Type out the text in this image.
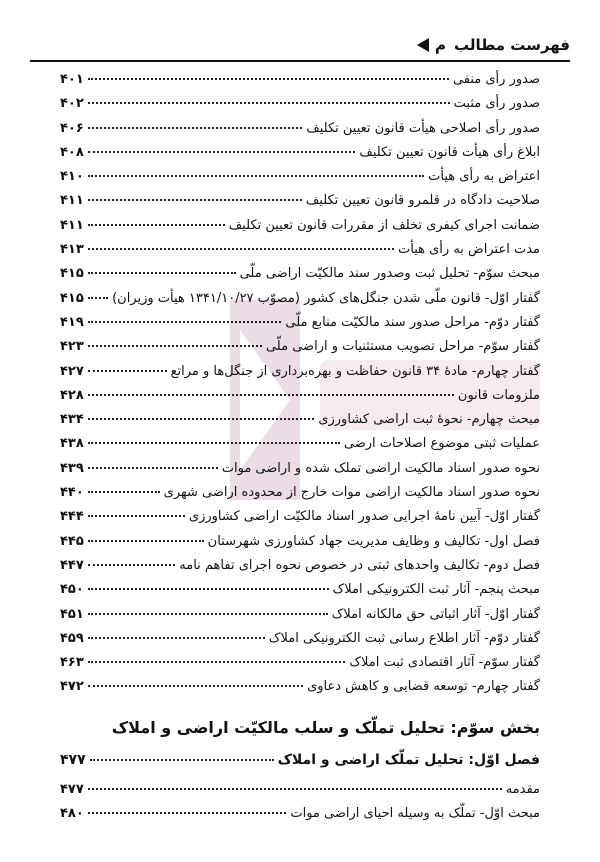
فهرست مطالب
م
صدور رأی منفی
۴۰۱
صدور رأی مثبت
۴۰۲
صدور رأی اصلاحی هیأت قانون تعیین تکلیف
۴۰۶
ابلاغ رأی هیأت قانون تعیین تکلیف
۴۰۸
اعتراض به رأی هیأت
۴۱۰
صلاحیت دادگاه در قلمرو قانون تعیین تکلیف
۴۱۱
ضمانت اجرای کیفری تخلف از مقررات قانون تعیین تکلیف
۴۱۱
مدت اعتراض به رأی هیأت
۴۱۳
مبحث سوّم- تحلیل ثبت وصدور سند مالکیّت اراضی ملّی
۴۱۵
گفتار اوّل- قانون ملّی شدن جنگل‌های کشور (مصوّب ۱۳۴۱/۱۰/۲۷ هیأت وزیران)
۴۱۵
گفتار دوّم- مراحل صدور سند مالکیّت منابع ملّی
۴۱۹
گفتار سوّم- مراحل تصویب مستثنیات و اراضی ملّی
۴۲۳
گفتار چهارم- مادۀ ۳۴ قانون حفاظت و بهره‌برداری از جنگل‌ها و مراتع
۴۲۷
ملزومات قانون
۴۲۸
مبحث چهارم- نحوۀ ثبت اراضی کشاورزی
۴۳۴
عملیات ثبتی موضوع اصلاحات ارضی
۴۳۸
نحوه صدور اسناد مالکیت اراضی تملک شده و اراضی موات
۴۳۹
نحوه صدور اسناد مالکیت اراضی موات خارج از محدوده اراضی شهری
۴۴۰
گفتار اوّل- آیین نامۀ اجرایی صدور اسناد مالکیّت اراضی کشاورزی
۴۴۴
فصل اول- تکالیف و وظایف مدیریت جهاد کشاورزی شهرستان
۴۴۵
فصل دوم- تکالیف واحدهای ثبتی در خصوص نحوه اجرای تفاهم نامه
۴۴۷
مبحث پنجم- آثار ثبت الکترونیکی املاک
۴۵۰
گفتار اوّل- آثار اثباتی حق مالکانه املاک
۴۵۱
گفتار دوّم- آثار اطلاع رسانی ثبت الکترونیکی املاک
۴۵۹
گفتار سوّم- آثار اقتصادی ثبت املاک
۴۶۳
گفتار چهارم- توسعه قضایی و کاهش دعاوی
۴۷۲
بخش سوّم: تحلیل تملّک و سلب مالکیّت اراضی و املاک
فصل اوّل: تحلیل تملّک اراضی و املاک
۴۷۷
مقدمه
۴۷۷
مبحث اوّل- تملّک به وسیله احیای اراضی موات
۴۸۰
